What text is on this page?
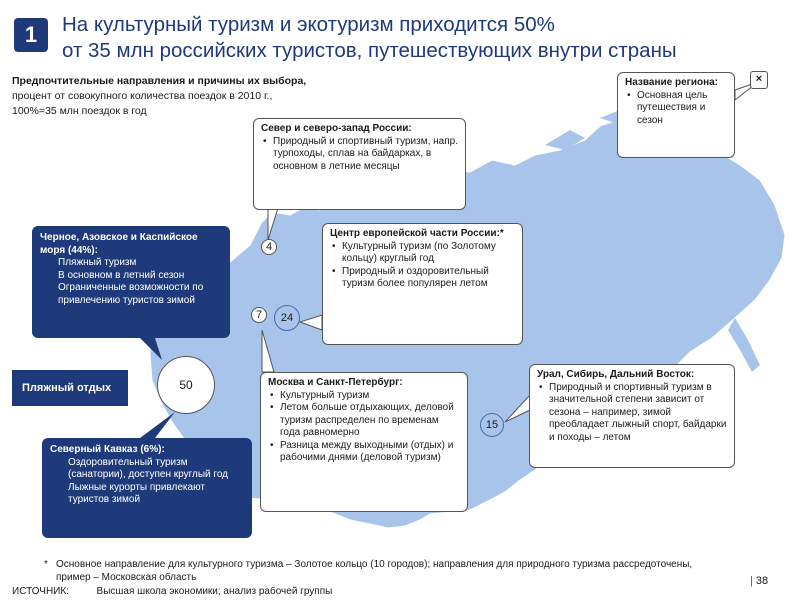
1	На культурный туризм и экотуризм приходится 50%
от 35 млн российских туристов, путешествующих внутри страны
Предпочтительные направления и причины их выбора,
процент от совокупного количества поездок в 2010 г.,
100%=35 млн поездок в год
Название региона:
• Основная цель путешествия и сезон
×
Север и северо-запад России:
• Природный и спортивный туризм, напр. турпоходы, сплав на байдарках, в основном в летние месяцы
Центр европейской части России:*
• Культурный туризм (по Золотому кольцу) круглый год
• Природный и оздоровительный туризм более популярен летом
Москва и Санкт-Петербург:
• Культурный туризм
• Летом больше отдыхающих, деловой туризм распределен по временам года равномерно
• Разница между выходными (отдых) и рабочими днями (деловой туризм)
Урал, Сибирь, Дальний Восток:
• Природный и спортивный туризм в значительной степени зависит от сезона – например, зимой преобладает лыжный спорт, байдарки и походы – летом
Черное, Азовское и Каспийское моря (44%):
Пляжный туризм
В основном в летний сезон
Ограниченные возможности по привлечению туристов зимой
Пляжный отдых
Северный Кавказ (6%):
Оздоровительный туризм (санатории), доступен круглый год
Лыжные курорты привлекают туристов зимой
50
4
7	24
15
* Основное направление для культурного туризма – Золотое кольцо (10 городов); направления для природного туризма рассредоточены, пример – Московская область
ИСТОЧНИК:	Высшая школа экономики; анализ рабочей группы
| 38
